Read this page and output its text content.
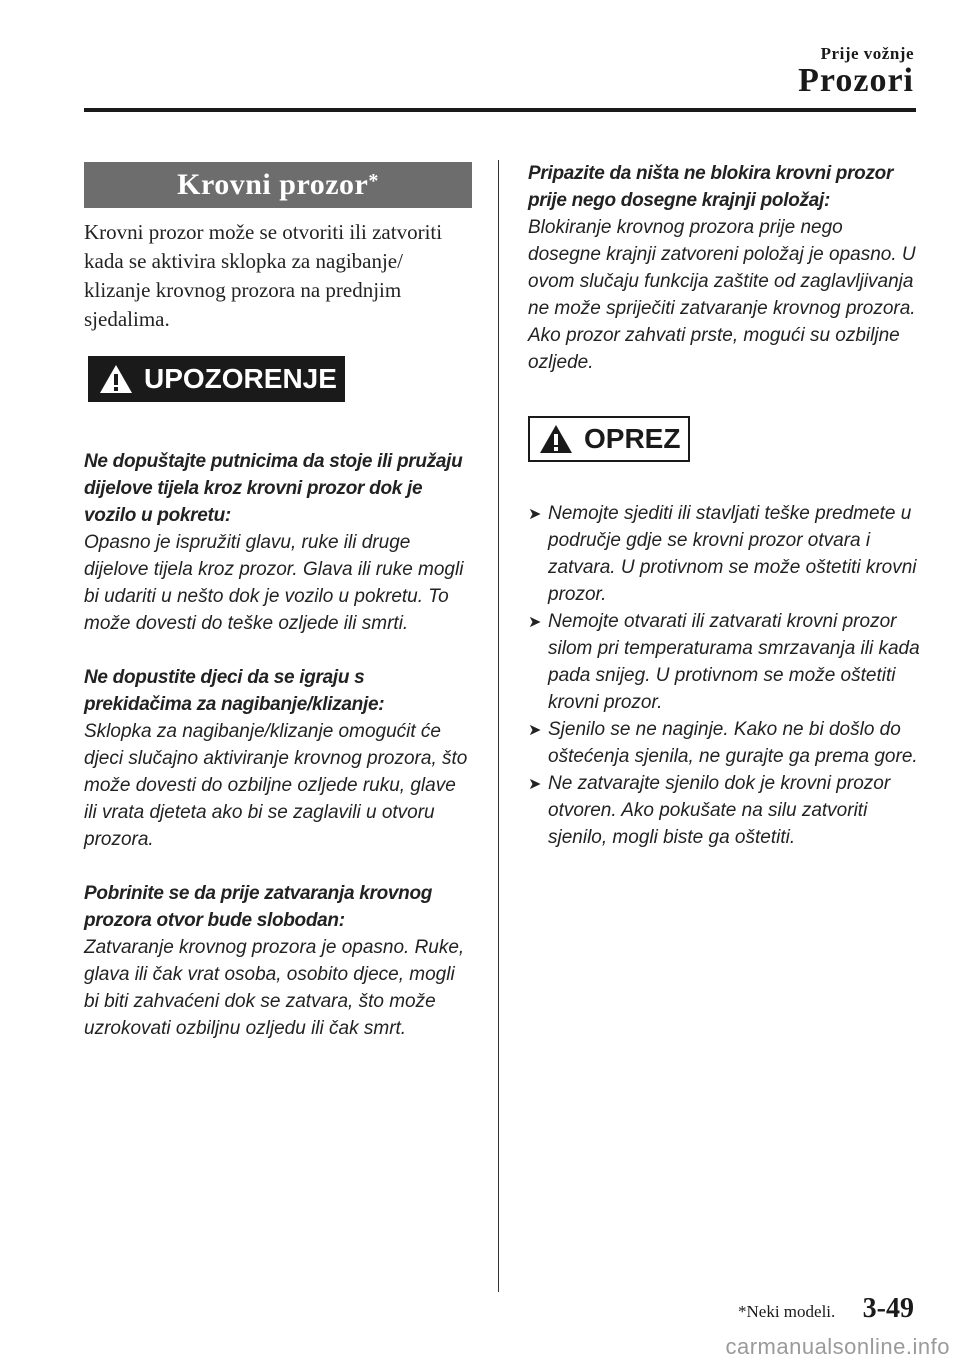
Prije vožnje
Prozori
Krovni prozor*
Krovni prozor može se otvoriti ili zatvoriti kada se aktivira sklopka za nagibanje/ klizanje krovnog prozora na prednjim sjedalima.
UPOZORENJE
Ne dopuštajte putnicima da stoje ili pružaju dijelove tijela kroz krovni prozor dok je vozilo u pokretu:
Opasno je ispružiti glavu, ruke ili druge dijelove tijela kroz prozor. Glava ili ruke mogli bi udariti u nešto dok je vozilo u pokretu. To može dovesti do teške ozljede ili smrti.
Ne dopustite djeci da se igraju s prekidačima za nagibanje/klizanje:
Sklopka za nagibanje/klizanje omogućit će djeci slučajno aktiviranje krovnog prozora, što može dovesti do ozbiljne ozljede ruku, glave ili vrata djeteta ako bi se zaglavili u otvoru prozora.
Pobrinite se da prije zatvaranja krovnog prozora otvor bude slobodan:
Zatvaranje krovnog prozora je opasno. Ruke, glava ili čak vrat osoba, osobito djece, mogli bi biti zahvaćeni dok se zatvara, što može uzrokovati ozbiljnu ozljedu ili čak smrt.
Pripazite da ništa ne blokira krovni prozor prije nego dosegne krajnji položaj:
Blokiranje krovnog prozora prije nego dosegne krajnji zatvoreni položaj je opasno. U ovom slučaju funkcija zaštite od zaglavljivanja ne može spriječiti zatvaranje krovnog prozora. Ako prozor zahvati prste, mogući su ozbiljne ozljede.
OPREZ
➤ Nemojte sjediti ili stavljati teške predmete u područje gdje se krovni prozor otvara i zatvara. U protivnom se može oštetiti krovni prozor.
➤ Nemojte otvarati ili zatvarati krovni prozor silom pri temperaturama smrzavanja ili kada pada snijeg. U protivnom se može oštetiti krovni prozor.
➤ Sjenilo se ne naginje. Kako ne bi došlo do oštećenja sjenila, ne gurajte ga prema gore.
➤ Ne zatvarajte sjenilo dok je krovni prozor otvoren. Ako pokušate na silu zatvoriti sjenilo, mogli biste ga oštetiti.
*Neki modeli. 3-49
carmanualsonline.info
